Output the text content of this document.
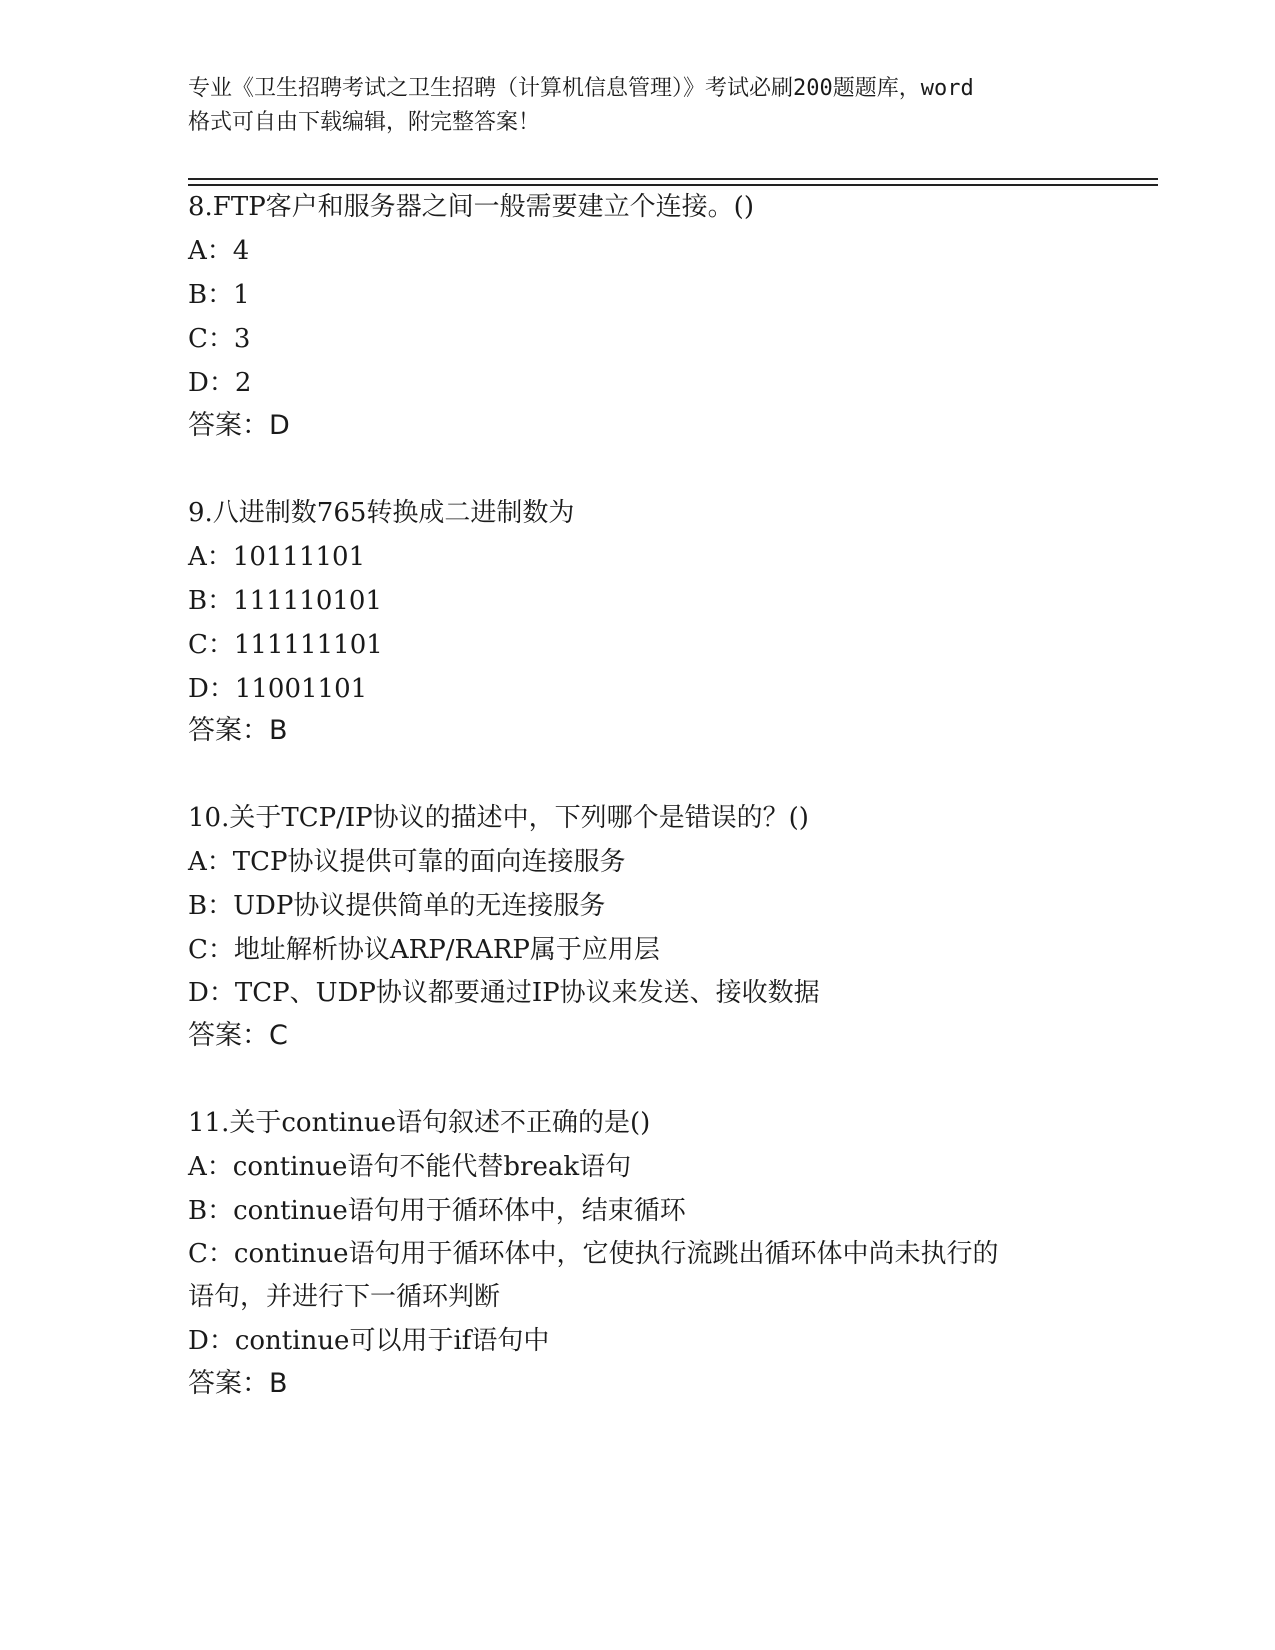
专业《卫生招聘考试之卫生招聘（计算机信息管理）》考试必刷200题题库，word
格式可自由下载编辑，附完整答案！
8.FTP客户和服务器之间一般需要建立个连接。()
A：4
B：1
C：3
D：2
答案：D
9.八进制数765转换成二进制数为
A：10111101
B：111110101
C：111111101
D：11001101
答案：B
10.关于TCP/IP协议的描述中，下列哪个是错误的？()
A：TCP协议提供可靠的面向连接服务
B：UDP协议提供简单的无连接服务
C：地址解析协议ARP/RARP属于应用层
D：TCP、UDP协议都要通过IP协议来发送、接收数据
答案：C
11.关于continue语句叙述不正确的是()
A：continue语句不能代替break语句
B：continue语句用于循环体中，结束循环
C：continue语句用于循环体中，它使执行流跳出循环体中尚未执行的
语句，并进行下一循环判断
D：continue可以用于if语句中
答案：B
